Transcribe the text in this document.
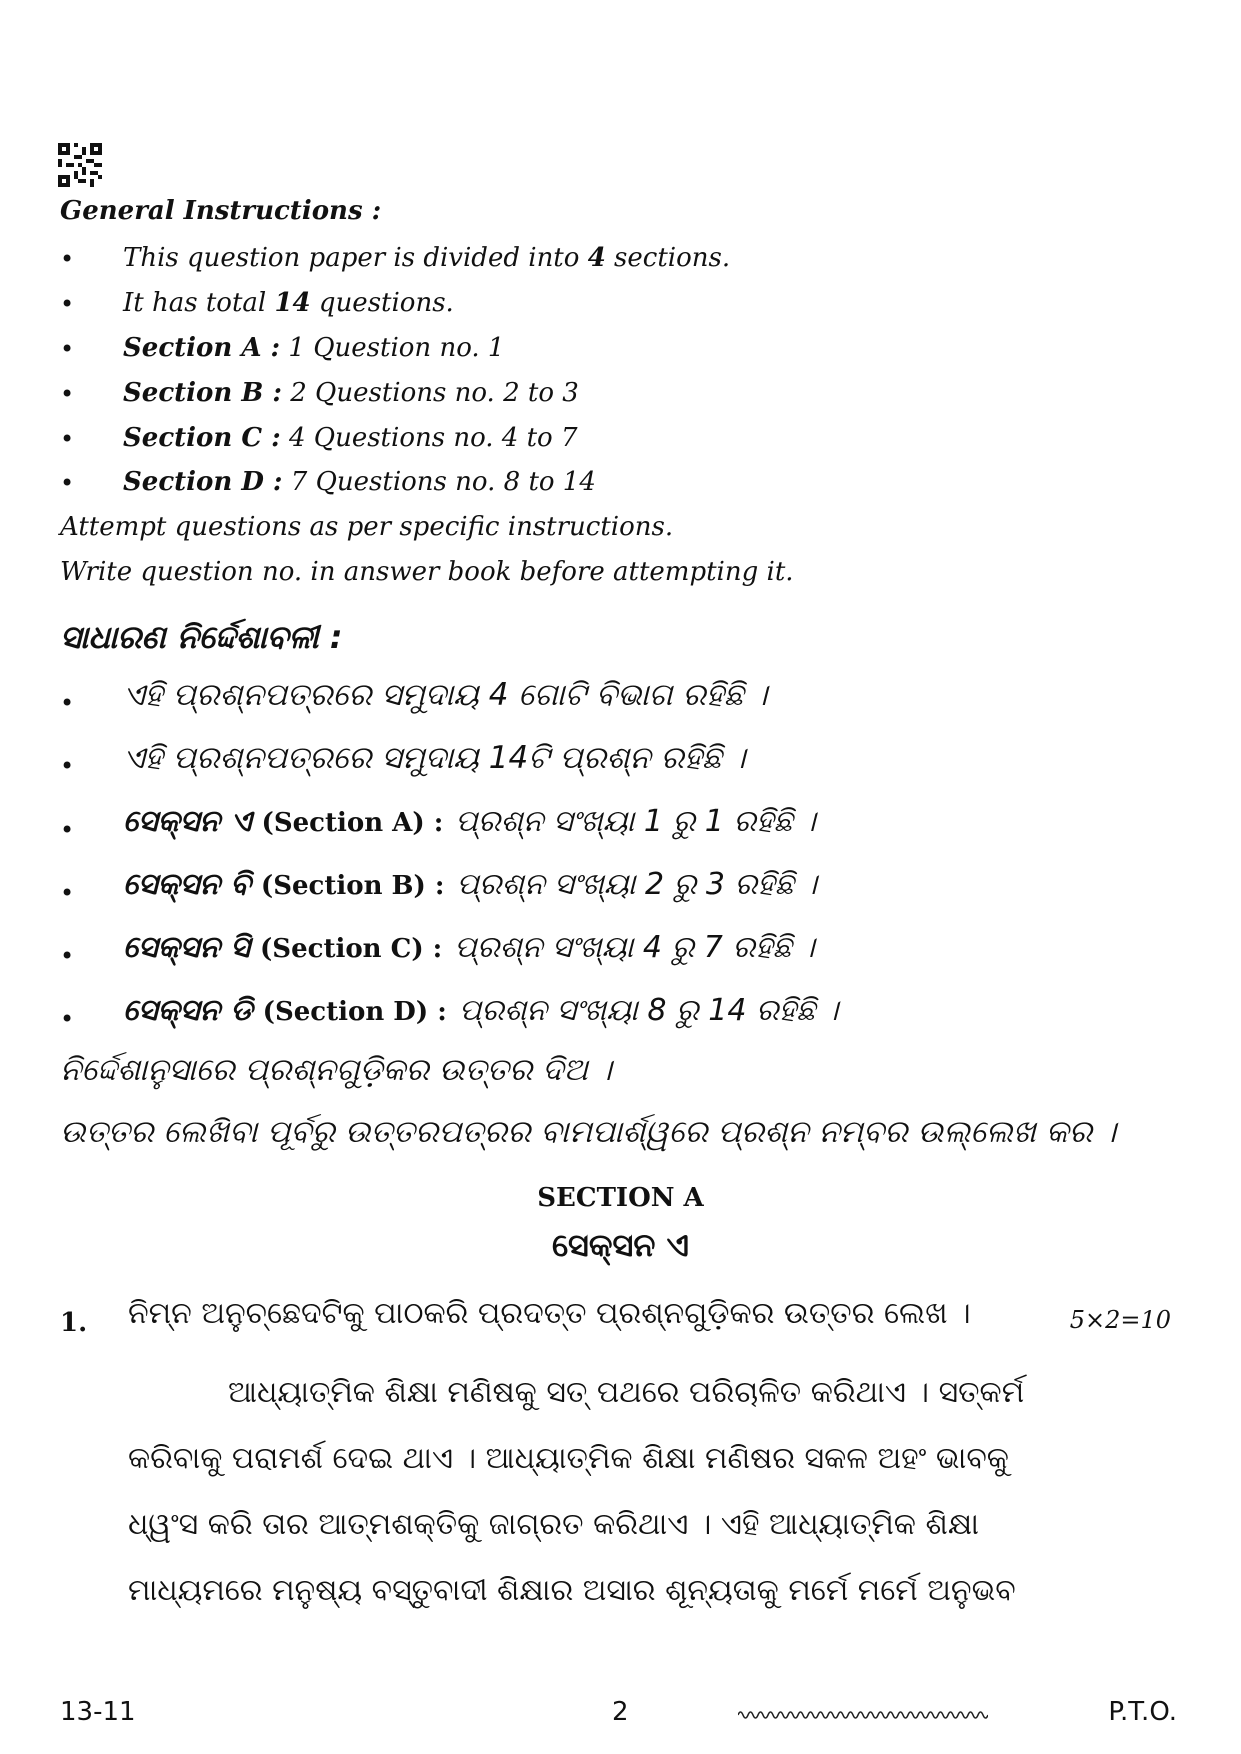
General Instructions :
• This question paper is divided into 4 sections.
• It has total 14 questions.
• Section A : 1 Question no. 1
• Section B : 2 Questions no. 2 to 3
• Section C : 4 Questions no. 4 to 7
• Section D : 7 Questions no. 8 to 14
Attempt questions as per specific instructions.
Write question no. in answer book before attempting it.
ସାଧାରଣ ନିର୍ଦ୍ଦେଶାବଳୀ :
• ଏହି ପ୍ରଶ୍ନପତ୍ରରେ ସମୁଦାୟ 4 ଗୋଟି ବିଭାଗ ରହିଛି ।
• ଏହି ପ୍ରଶ୍ନପତ୍ରରେ ସମୁଦାୟ 14ଟି ପ୍ରଶ୍ନ ରହିଛି ।
• ସେକ୍ସନ ଏ (Section A) : ପ୍ରଶ୍ନ ସଂଖ୍ୟା 1 ରୁ 1 ରହିଛି ।
• ସେକ୍ସନ ବି (Section B) : ପ୍ରଶ୍ନ ସଂଖ୍ୟା 2 ରୁ 3 ରହିଛି ।
• ସେକ୍ସନ ସି (Section C) : ପ୍ରଶ୍ନ ସଂଖ୍ୟା 4 ରୁ 7 ରହିଛି ।
• ସେକ୍ସନ ଡି (Section D) : ପ୍ରଶ୍ନ ସଂଖ୍ୟା 8 ରୁ 14 ରହିଛି ।
ନିର୍ଦ୍ଦେଶାନୁସାରେ ପ୍ରଶ୍ନଗୁଡ଼ିକର ଉତ୍ତର ଦିଅ ।
ଉତ୍ତର ଲେଖିବା ପୂର୍ବରୁ ଉତ୍ତରପତ୍ରର ବାମପାର୍ଶ୍ୱରେ ପ୍ରଶ୍ନ ନମ୍ବର ଉଲ୍ଲେଖ କର ।
SECTION A
ସେକ୍ସନ ଏ
1. ନିମ୍ନ ଅନୁଚ୍ଛେଦଟିକୁ ପାଠକରି ପ୍ରଦତ୍ତ ପ୍ରଶ୍ନଗୁଡ଼ିକର ଉତ୍ତର ଲେଖ ।	5×2=10
ଆଧ୍ୟାତ୍ମିକ ଶିକ୍ଷା ମଣିଷକୁ ସତ୍ ପଥରେ ପରିଚାଳିତ କରିଥାଏ । ସତ୍‌କର୍ମ
କରିବାକୁ ପରାମର୍ଶ ଦେଇ ଥାଏ । ଆଧ୍ୟାତ୍ମିକ ଶିକ୍ଷା ମଣିଷର ସକଳ ଅହଂ ଭାବକୁ
ଧ୍ୱଂସ କରି ତାର ଆତ୍ମଶକ୍ତିକୁ ଜାଗ୍ରତ କରିଥାଏ । ଏହି ଆଧ୍ୟାତ୍ମିକ ଶିକ୍ଷା
ମାଧ୍ୟମରେ ମନୁଷ୍ୟ ବସ୍ତୁବାଦୀ ଶିକ୍ଷାର ଅସାର ଶୂନ୍ୟତାକୁ ମର୍ମେ ମର୍ମେ ଅନୁଭବ
13-11	2	P.T.O.
